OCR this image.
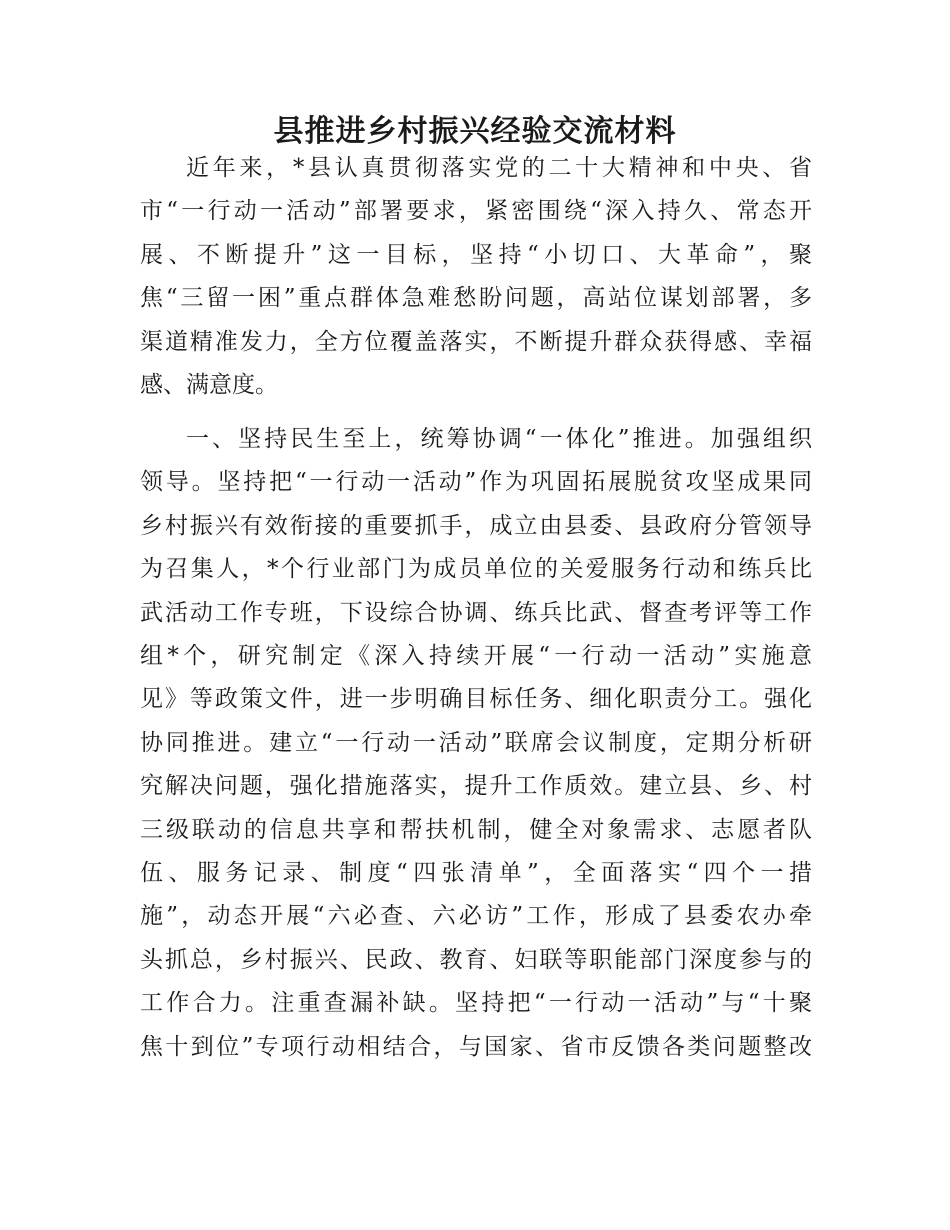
县推进乡村振兴经验交流材料
近年来，*县认真贯彻落实党的二十大精神和中央、省
市“一行动一活动”部署要求，紧密围绕“深入持久、常态开
展、不断提升”这一目标，坚持“小切口、大革命”，聚
焦“三留一困”重点群体急难愁盼问题，高站位谋划部署，多
渠道精准发力，全方位覆盖落实，不断提升群众获得感、幸福
感、满意度。
一、坚持民生至上，统筹协调“一体化”推进。加强组织
领导。坚持把“一行动一活动”作为巩固拓展脱贫攻坚成果同
乡村振兴有效衔接的重要抓手，成立由县委、县政府分管领导
为召集人，*个行业部门为成员单位的关爱服务行动和练兵比
武活动工作专班，下设综合协调、练兵比武、督查考评等工作
组*个，研究制定《深入持续开展“一行动一活动”实施意
见》等政策文件，进一步明确目标任务、细化职责分工。强化
协同推进。建立“一行动一活动”联席会议制度，定期分析研
究解决问题，强化措施落实，提升工作质效。建立县、乡、村
三级联动的信息共享和帮扶机制，健全对象需求、志愿者队
伍、服务记录、制度“四张清单”，全面落实“四个一措
施”，动态开展“六必查、六必访”工作，形成了县委农办牵
头抓总，乡村振兴、民政、教育、妇联等职能部门深度参与的
工作合力。注重查漏补缺。坚持把“一行动一活动”与“十聚
焦十到位”专项行动相结合，与国家、省市反馈各类问题整改
